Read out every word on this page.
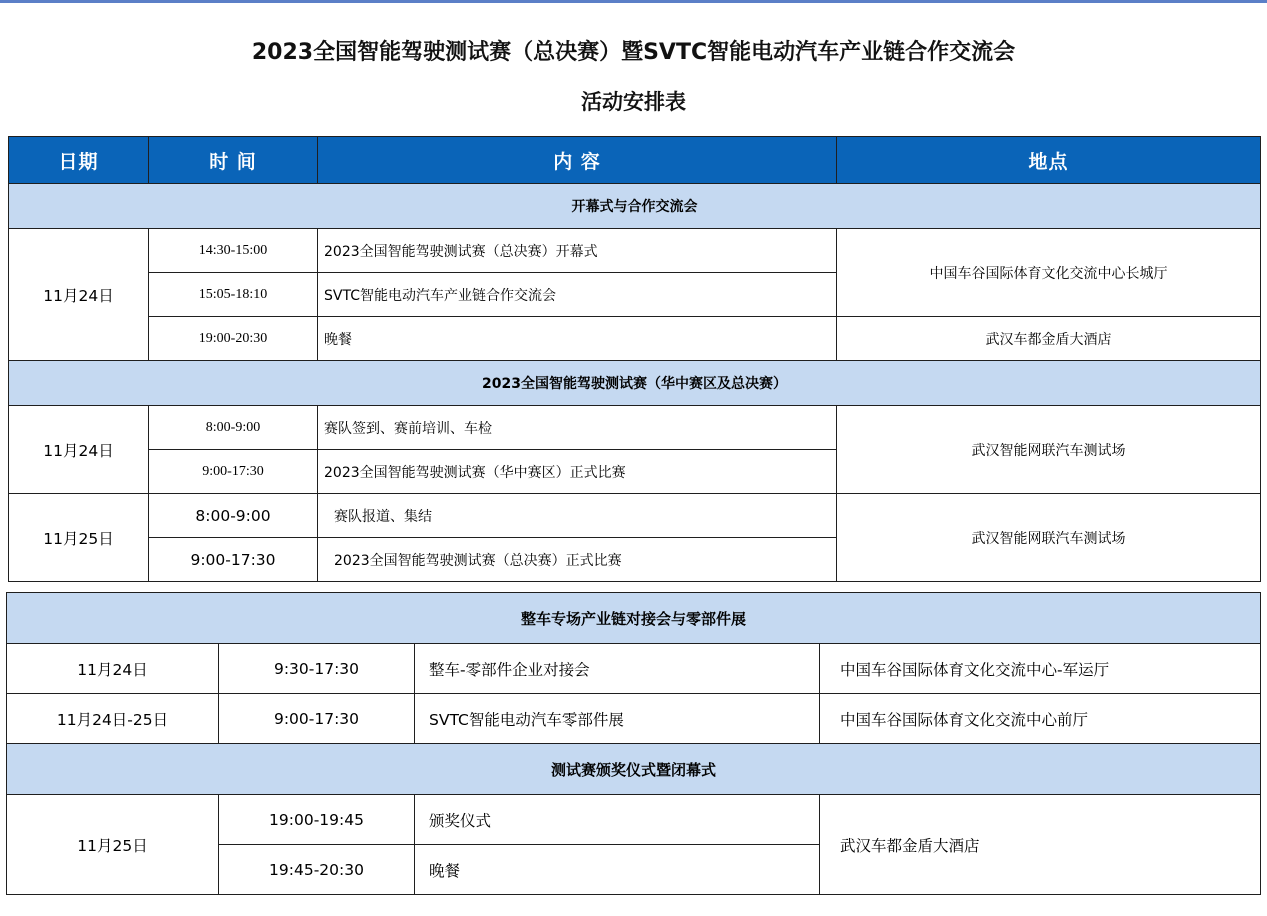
2023全国智能驾驶测试赛（总决赛）暨SVTC智能电动汽车产业链合作交流会
活动安排表
日期	时 间	内 容	地点
开幕式与合作交流会			
11月24日	14:30-15:00	2023全国智能驾驶测试赛（总决赛）开幕式	中国车谷国际体育文化交流中心长城厅
	15:05-18:10	SVTC智能电动汽车产业链合作交流会	
	19:00-20:30	晚餐	武汉车都金盾大酒店
2023全国智能驾驶测试赛（华中赛区及总决赛）			
11月24日	8:00-9:00	赛队签到、赛前培训、车检	武汉智能网联汽车测试场
	9:00-17:30	2023全国智能驾驶测试赛（华中赛区）正式比赛	
11月25日	8:00-9:00	赛队报道、集结	武汉智能网联汽车测试场
	9:00-17:30	2023全国智能驾驶测试赛（总决赛）正式比赛	
整车专场产业链对接会与零部件展			
11月24日	9:30-17:30	整车-零部件企业对接会	中国车谷国际体育文化交流中心-军运厅
11月24日-25日	9:00-17:30	SVTC智能电动汽车零部件展	中国车谷国际体育文化交流中心前厅
测试赛颁奖仪式暨闭幕式			
11月25日	19:00-19:45	颁奖仪式	武汉车都金盾大酒店
	19:45-20:30	晚餐	
